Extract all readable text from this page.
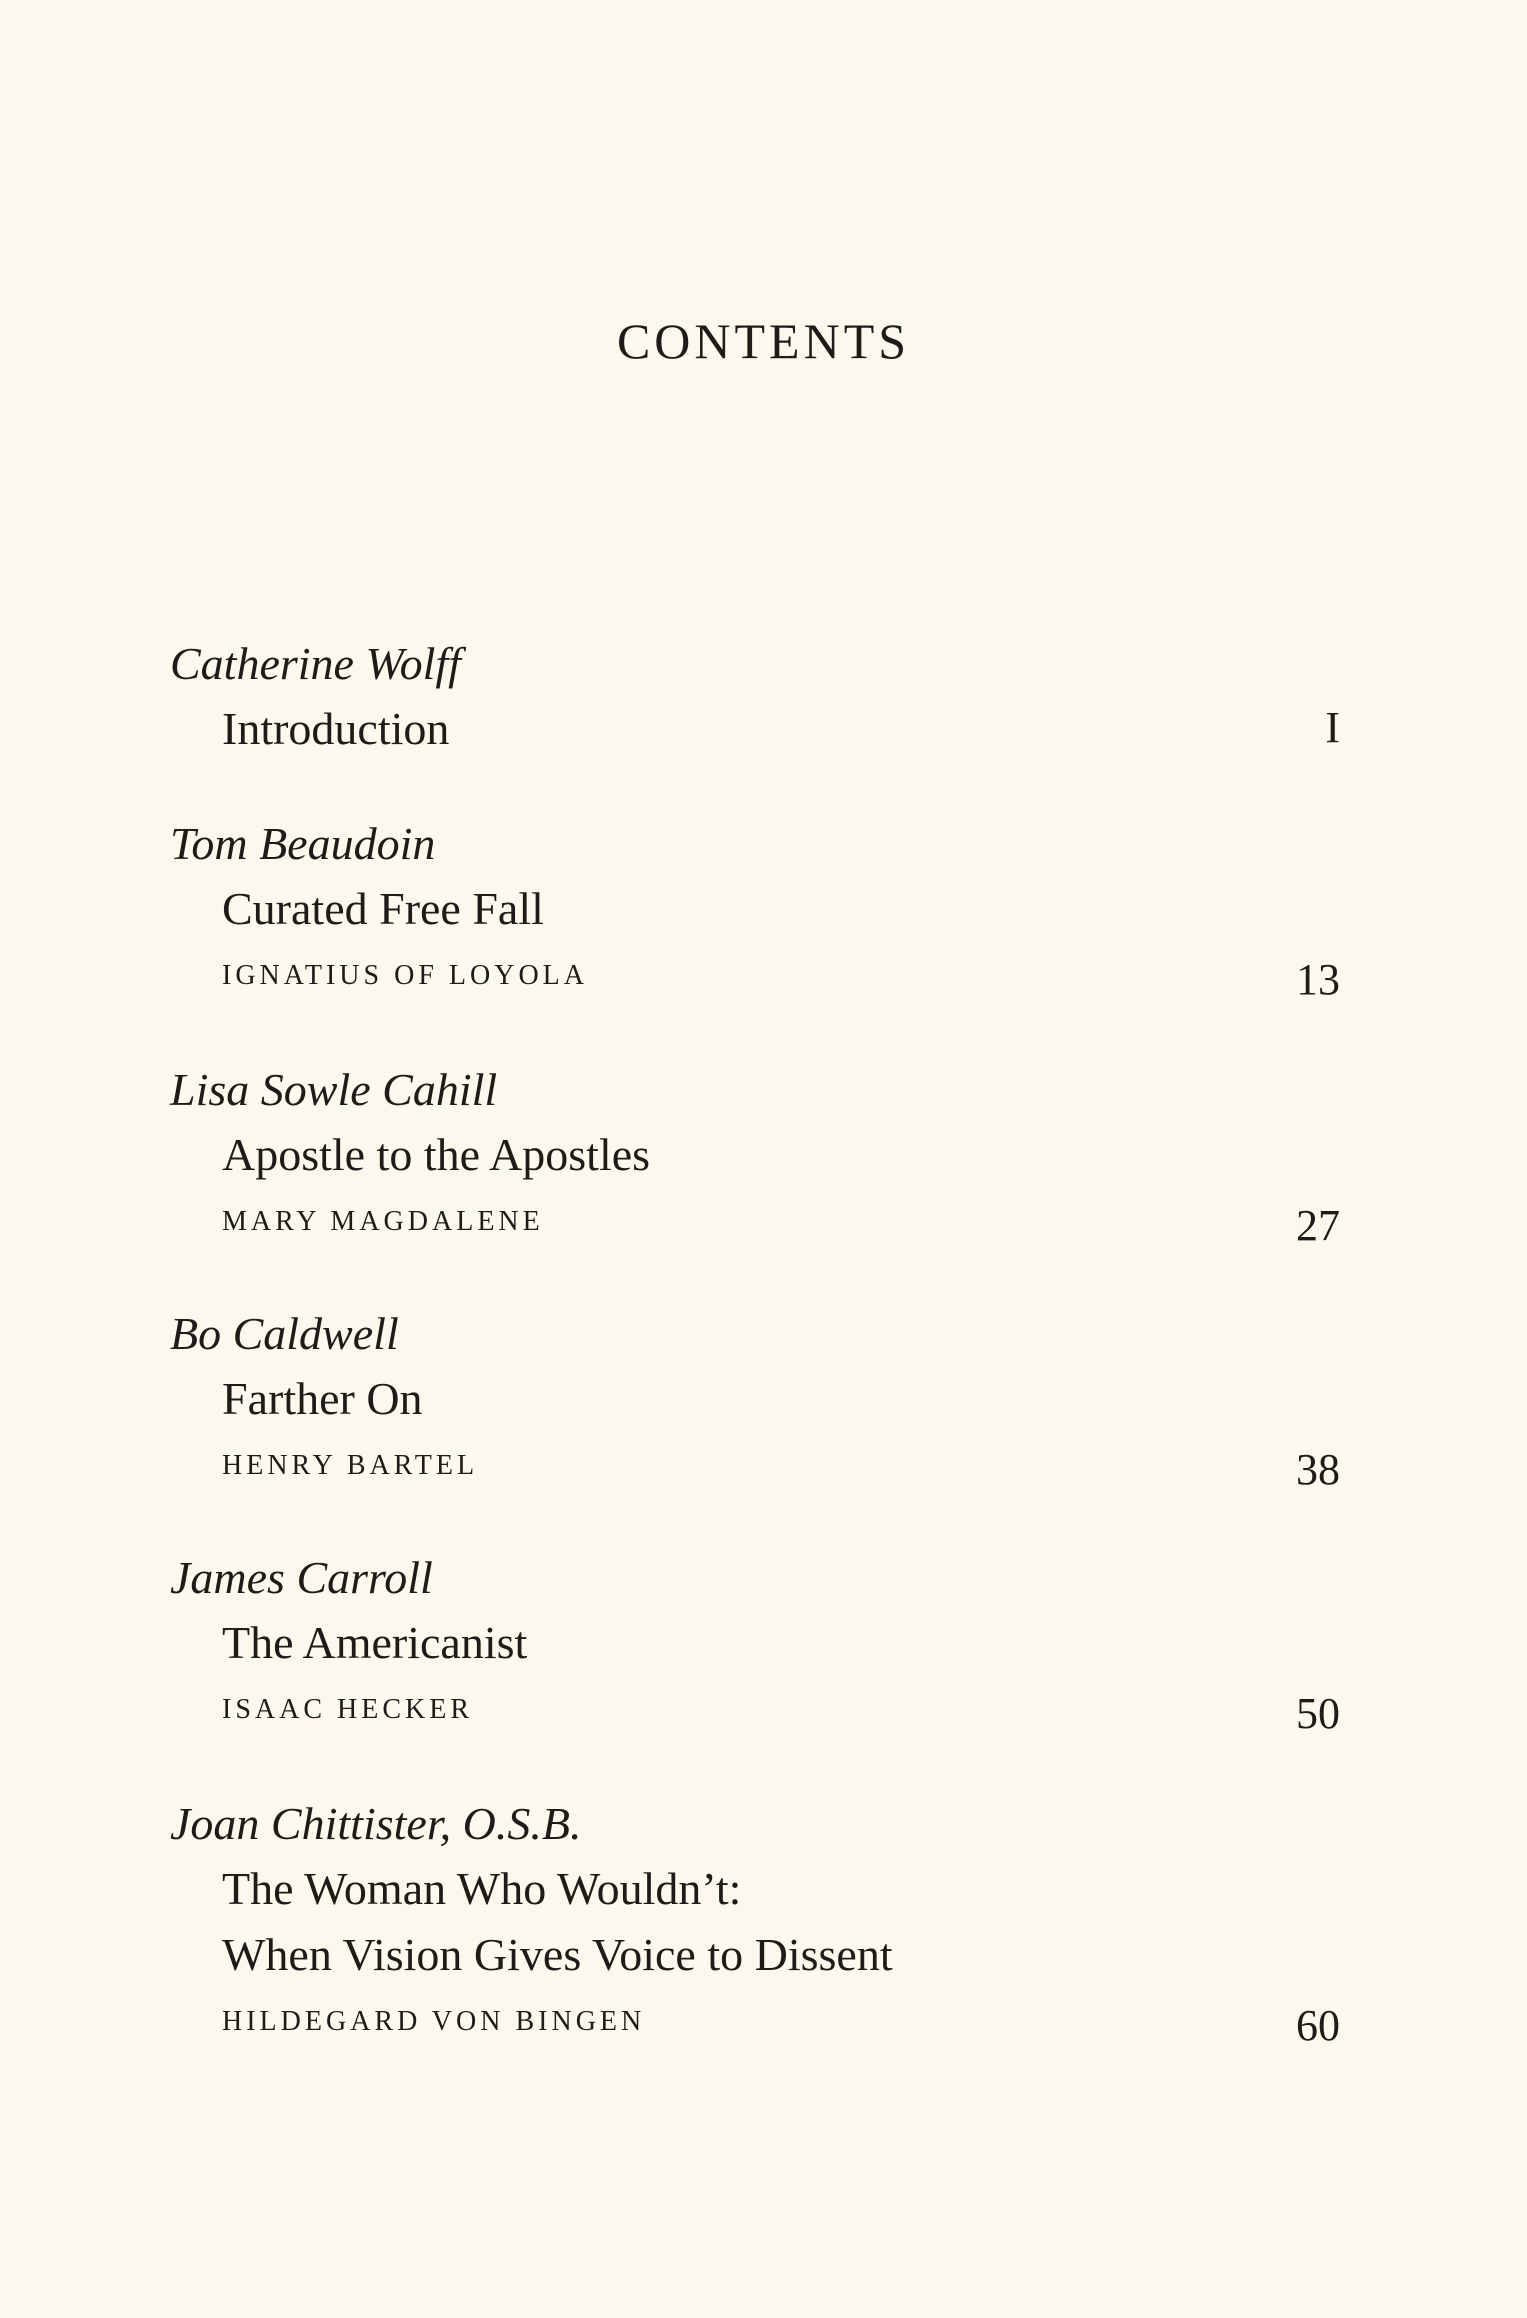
CONTENTS
Catherine Wolff
Introduction	I
Tom Beaudoin
Curated Free Fall
IGNATIUS OF LOYOLA	13
Lisa Sowle Cahill
Apostle to the Apostles
MARY MAGDALENE	27
Bo Caldwell
Farther On
HENRY BARTEL	38
James Carroll
The Americanist
ISAAC HECKER	50
Joan Chittister, O.S.B.
The Woman Who Wouldn’t:
When Vision Gives Voice to Dissent
HILDEGARD VON BINGEN	60
